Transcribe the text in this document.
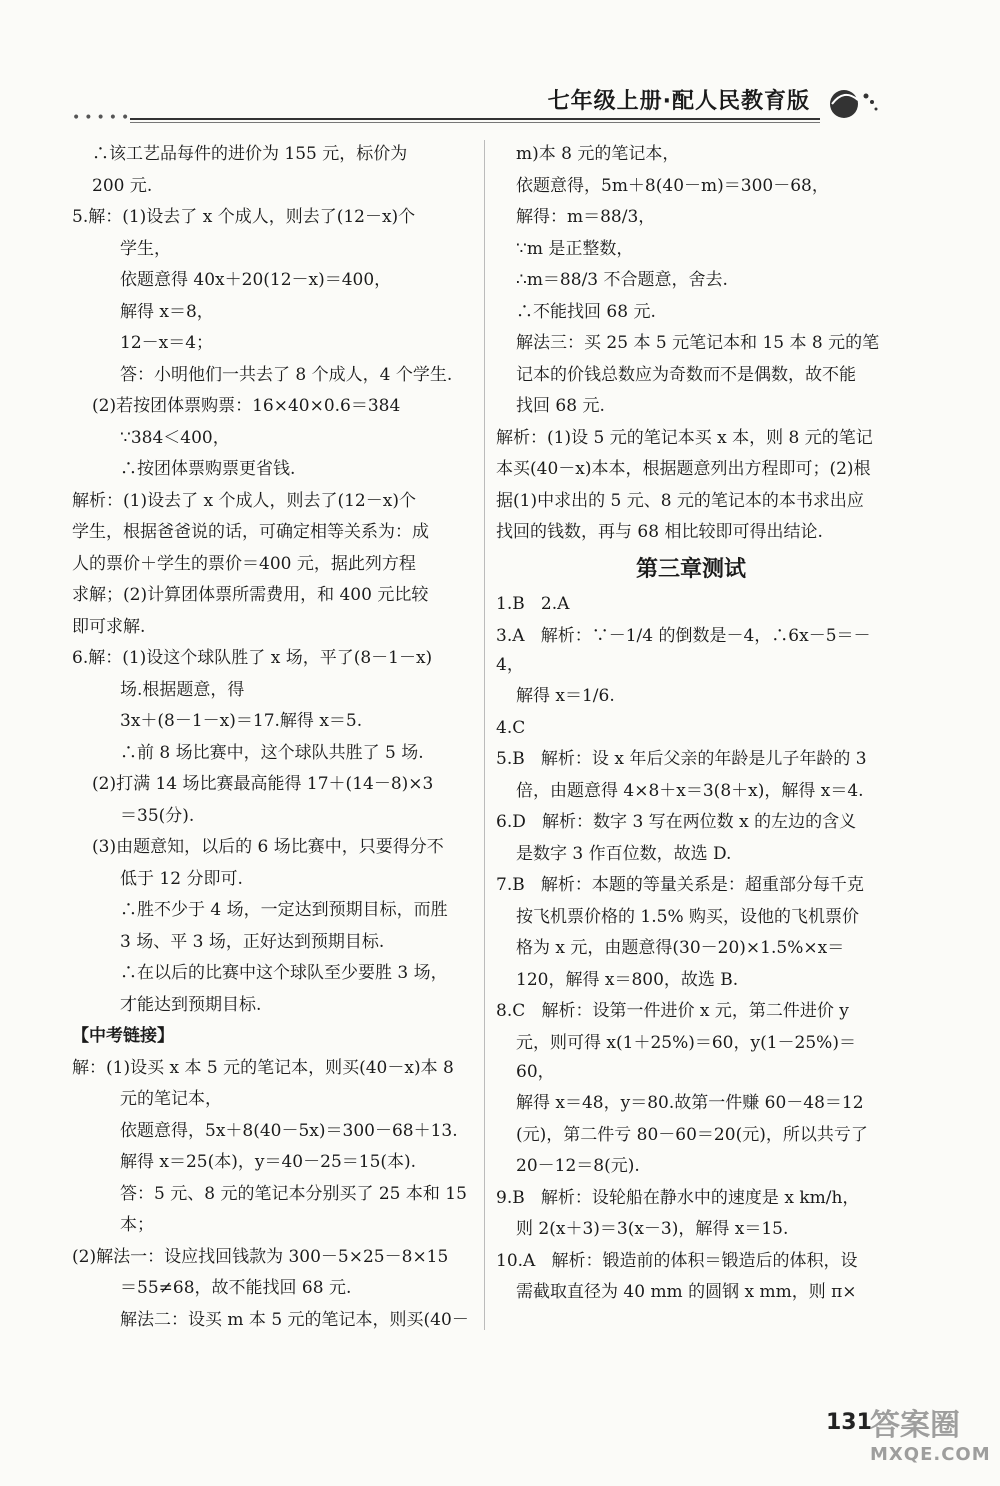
•••••
七年级上册·配人民教育版

∴该工艺品每件的进价为 155 元，标价为

200 元.

5.解：(1)设去了 x 个成人，则去了(12－x)个

学生，

依题意得 40x＋20(12－x)＝400，

解得 x＝8，

12－x＝4；

答：小明他们一共去了 8 个成人，4 个学生.

(2)若按团体票购票：16×40×0.6＝384

∵384＜400，

∴按团体票购票更省钱.

解析：(1)设去了 x 个成人，则去了(12－x)个

学生，根据爸爸说的话，可确定相等关系为：成

人的票价＋学生的票价＝400 元，据此列方程

求解；(2)计算团体票所需费用，和 400 元比较

即可求解.

6.解：(1)设这个球队胜了 x 场，平了(8－1－x)

场.根据题意，得

3x＋(8－1－x)＝17.解得 x＝5.

∴前 8 场比赛中，这个球队共胜了 5 场.

(2)打满 14 场比赛最高能得 17＋(14－8)×3

＝35(分).

(3)由题意知，以后的 6 场比赛中，只要得分不

低于 12 分即可.

∴胜不少于 4 场，一定达到预期目标，而胜

3 场、平 3 场，正好达到预期目标.

∴在以后的比赛中这个球队至少要胜 3 场，

才能达到预期目标.

【中考链接】

解：(1)设买 x 本 5 元的笔记本，则买(40－x)本 8

元的笔记本，

依题意得，5x＋8(40－5x)＝300－68＋13.

解得 x＝25(本)，y＝40－25＝15(本).

答：5 元、8 元的笔记本分别买了 25 本和 15

本；

(2)解法一：设应找回钱款为 300－5×25－8×15

＝55≠68，故不能找回 68 元.

解法二：设买 m 本 5 元的笔记本，则买(40－

m)本 8 元的笔记本，

依题意得，5m＋8(40－m)＝300－68，

解得：m＝88/3，

∵m 是正整数，

∴m＝88/3 不合题意，舍去.

∴不能找回 68 元.

解法三：买 25 本 5 元笔记本和 15 本 8 元的笔

记本的价钱总数应为奇数而不是偶数，故不能

找回 68 元.

解析：(1)设 5 元的笔记本买 x 本，则 8 元的笔记

本买(40－x)本本，根据题意列出方程即可；(2)根

据(1)中求出的 5 元、8 元的笔记本的本书求出应

找回的钱数，再与 68 相比较即可得出结论.

第三章测试

1.B   2.A

3.A   解析：∵－1/4 的倒数是－4，∴6x－5＝－4，

解得 x＝1/6.

4.C

5.B   解析：设 x 年后父亲的年龄是儿子年龄的 3

倍，由题意得 4×8＋x＝3(8＋x)，解得 x＝4.

6.D   解析：数字 3 写在两位数 x 的左边的含义

是数字 3 作百位数，故选 D.

7.B   解析：本题的等量关系是：超重部分每千克

按飞机票价格的 1.5% 购买，设他的飞机票价

格为 x 元，由题意得(30－20)×1.5%×x＝

120，解得 x＝800，故选 B.

8.C   解析：设第一件进价 x 元，第二件进价 y

元，则可得 x(1＋25%)＝60，y(1－25%)＝60，

解得 x＝48，y＝80.故第一件赚 60－48＝12

(元)，第二件亏 80－60＝20(元)，所以共亏了

20－12＝8(元).

9.B   解析：设轮船在静水中的速度是 x km/h，

则 2(x＋3)＝3(x－3)，解得 x＝15.

10.A   解析：锻造前的体积＝锻造后的体积，设

需截取直径为 40 mm 的圆钢 x mm，则 π×

131
答案圈
MXQE.COM
